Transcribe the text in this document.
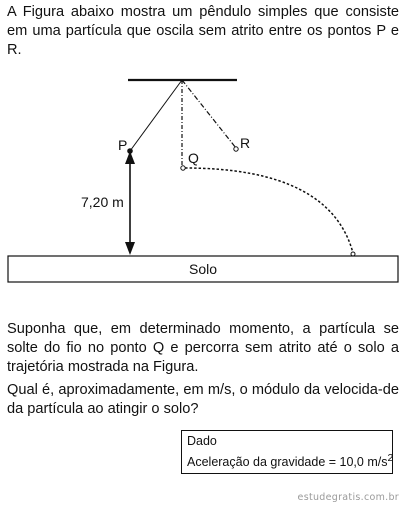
A Figura abaixo mostra um pêndulo simples que consiste em uma partícula que oscila sem atrito entre os pontos P e R.

P
Q
R
7,20 m
Solo

Suponha que, em determinado momento, a partícula se solte do fio no ponto Q e percorra sem atrito até o solo a trajetória mostrada na Figura.

Qual é, aproximadamente, em m/s, o módulo da velocida-de da partícula ao atingir o solo?

Dado
Aceleração da gravidade = 10,0 $m/s^2$
estudegratis.com.br
